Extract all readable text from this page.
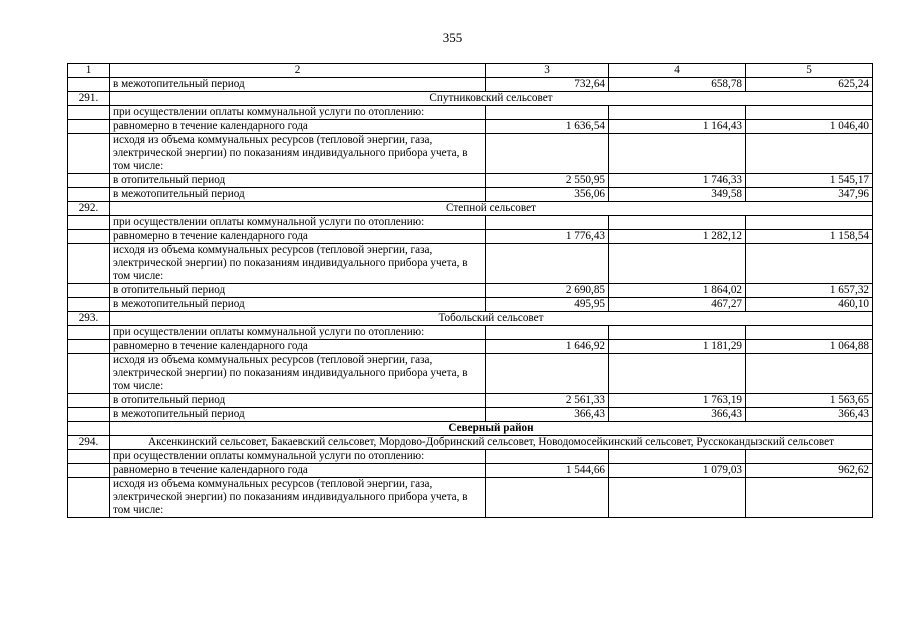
355
1	2	3	4	5
	в межотопительный период	732,64	658,78	625,24
291.	Спутниковский сельсовет			
	при осуществлении оплаты коммунальной услуги по отоплению:			
	равномерно в течение календарного года	1 636,54	1 164,43	1 046,40
	исходя из объема коммунальных ресурсов (тепловой энергии, газа, электрической энергии) по показаниям индивидуального прибора учета, в том числе:			
	в отопительный период	2 550,95	1 746,33	1 545,17
	в межотопительный период	356,06	349,58	347,96
292.	Степной сельсовет			
	при осуществлении оплаты коммунальной услуги по отоплению:			
	равномерно в течение календарного года	1 776,43	1 282,12	1 158,54
	исходя из объема коммунальных ресурсов (тепловой энергии, газа, электрической энергии) по показаниям индивидуального прибора учета, в том числе:			
	в отопительный период	2 690,85	1 864,02	1 657,32
	в межотопительный период	495,95	467,27	460,10
293.	Тобольский сельсовет			
	при осуществлении оплаты коммунальной услуги по отоплению:			
	равномерно в течение календарного года	1 646,92	1 181,29	1 064,88
	исходя из объема коммунальных ресурсов (тепловой энергии, газа, электрической энергии) по показаниям индивидуального прибора учета, в том числе:			
	в отопительный период	2 561,33	1 763,19	1 563,65
	в межотопительный период	366,43	366,43	366,43
	Северный район			
294.	Аксенкинский сельсовет, Бакаевский сельсовет, Мордово-Добринский сельсовет, Новодомосейкинский сельсовет, Русскокандызский сельсовет			
	при осуществлении оплаты коммунальной услуги по отоплению:			
	равномерно в течение календарного года	1 544,66	1 079,03	962,62
	исходя из объема коммунальных ресурсов (тепловой энергии, газа, электрической энергии) по показаниям индивидуального прибора учета, в том числе:			
